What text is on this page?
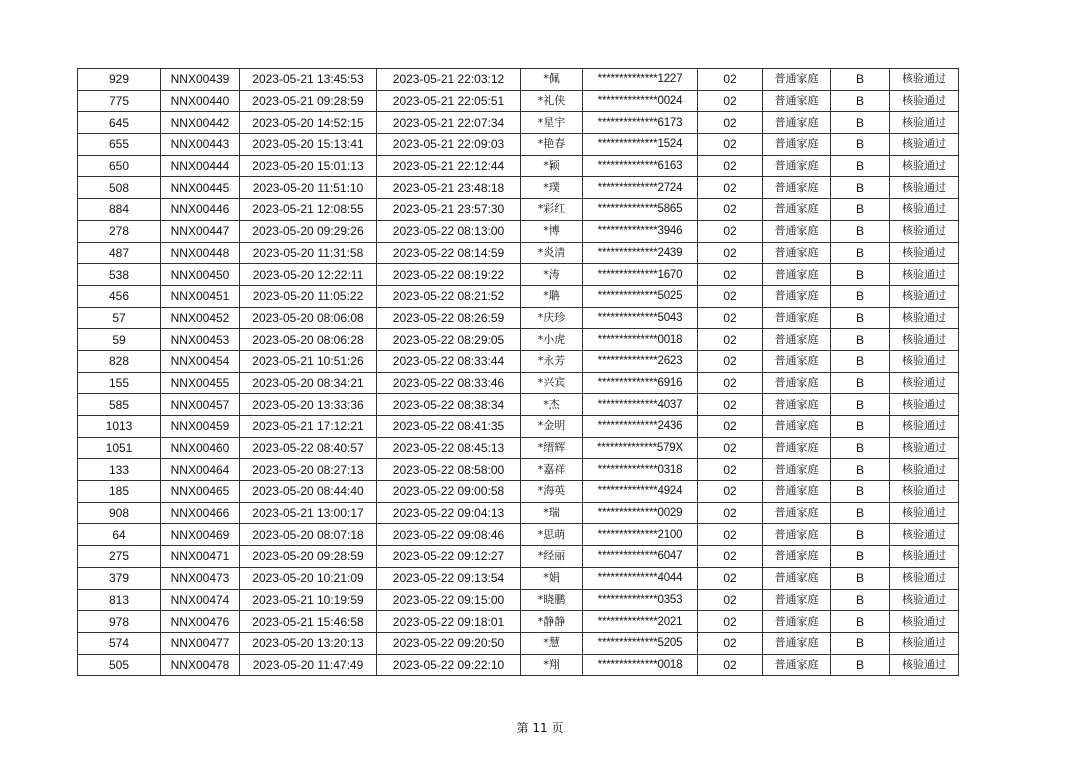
929	NNX00439	2023-05-21 13:45:53	2023-05-21 22:03:12	*佩	**************1227	02	普通家庭	B	核验通过
775	NNX00440	2023-05-21 09:28:59	2023-05-21 22:05:51	*礼侠	**************0024	02	普通家庭	B	核验通过
645	NNX00442	2023-05-20 14:52:15	2023-05-21 22:07:34	*星宇	**************6173	02	普通家庭	B	核验通过
655	NNX00443	2023-05-20 15:13:41	2023-05-21 22:09:03	*艳春	**************1524	02	普通家庭	B	核验通过
650	NNX00444	2023-05-20 15:01:13	2023-05-21 22:12:44	*颖	**************6163	02	普通家庭	B	核验通过
508	NNX00445	2023-05-20 11:51:10	2023-05-21 23:48:18	*璞	**************2724	02	普通家庭	B	核验通过
884	NNX00446	2023-05-21 12:08:55	2023-05-21 23:57:30	*彩红	**************5865	02	普通家庭	B	核验通过
278	NNX00447	2023-05-20 09:29:26	2023-05-22 08:13:00	*博	**************3946	02	普通家庭	B	核验通过
487	NNX00448	2023-05-20 11:31:58	2023-05-22 08:14:59	*炎清	**************2439	02	普通家庭	B	核验通过
538	NNX00450	2023-05-20 12:22:11	2023-05-22 08:19:22	*涛	**************1670	02	普通家庭	B	核验通过
456	NNX00451	2023-05-20 11:05:22	2023-05-22 08:21:52	*聃	**************5025	02	普通家庭	B	核验通过
57	NNX00452	2023-05-20 08:06:08	2023-05-22 08:26:59	*庆珍	**************5043	02	普通家庭	B	核验通过
59	NNX00453	2023-05-20 08:06:28	2023-05-22 08:29:05	*小虎	**************0018	02	普通家庭	B	核验通过
828	NNX00454	2023-05-21 10:51:26	2023-05-22 08:33:44	*永芳	**************2623	02	普通家庭	B	核验通过
155	NNX00455	2023-05-20 08:34:21	2023-05-22 08:33:46	*兴宾	**************6916	02	普通家庭	B	核验通过
585	NNX00457	2023-05-20 13:33:36	2023-05-22 08:38:34	*杰	**************4037	02	普通家庭	B	核验通过
1013	NNX00459	2023-05-21 17:12:21	2023-05-22 08:41:35	*金明	**************2436	02	普通家庭	B	核验通过
1051	NNX00460	2023-05-22 08:40:57	2023-05-22 08:45:13	*缙辉	**************579X	02	普通家庭	B	核验通过
133	NNX00464	2023-05-20 08:27:13	2023-05-22 08:58:00	*嘉祥	**************0318	02	普通家庭	B	核验通过
185	NNX00465	2023-05-20 08:44:40	2023-05-22 09:00:58	*海英	**************4924	02	普通家庭	B	核验通过
908	NNX00466	2023-05-21 13:00:17	2023-05-22 09:04:13	*瑞	**************0029	02	普通家庭	B	核验通过
64	NNX00469	2023-05-20 08:07:18	2023-05-22 09:08:46	*思萌	**************2100	02	普通家庭	B	核验通过
275	NNX00471	2023-05-20 09:28:59	2023-05-22 09:12:27	*经丽	**************6047	02	普通家庭	B	核验通过
379	NNX00473	2023-05-20 10:21:09	2023-05-22 09:13:54	*娟	**************4044	02	普通家庭	B	核验通过
813	NNX00474	2023-05-21 10:19:59	2023-05-22 09:15:00	*晓鹏	**************0353	02	普通家庭	B	核验通过
978	NNX00476	2023-05-21 15:46:58	2023-05-22 09:18:01	*静静	**************2021	02	普通家庭	B	核验通过
574	NNX00477	2023-05-20 13:20:13	2023-05-22 09:20:50	*慧	**************5205	02	普通家庭	B	核验通过
505	NNX00478	2023-05-20 11:47:49	2023-05-22 09:22:10	*翔	**************0018	02	普通家庭	B	核验通过
第 11 页
